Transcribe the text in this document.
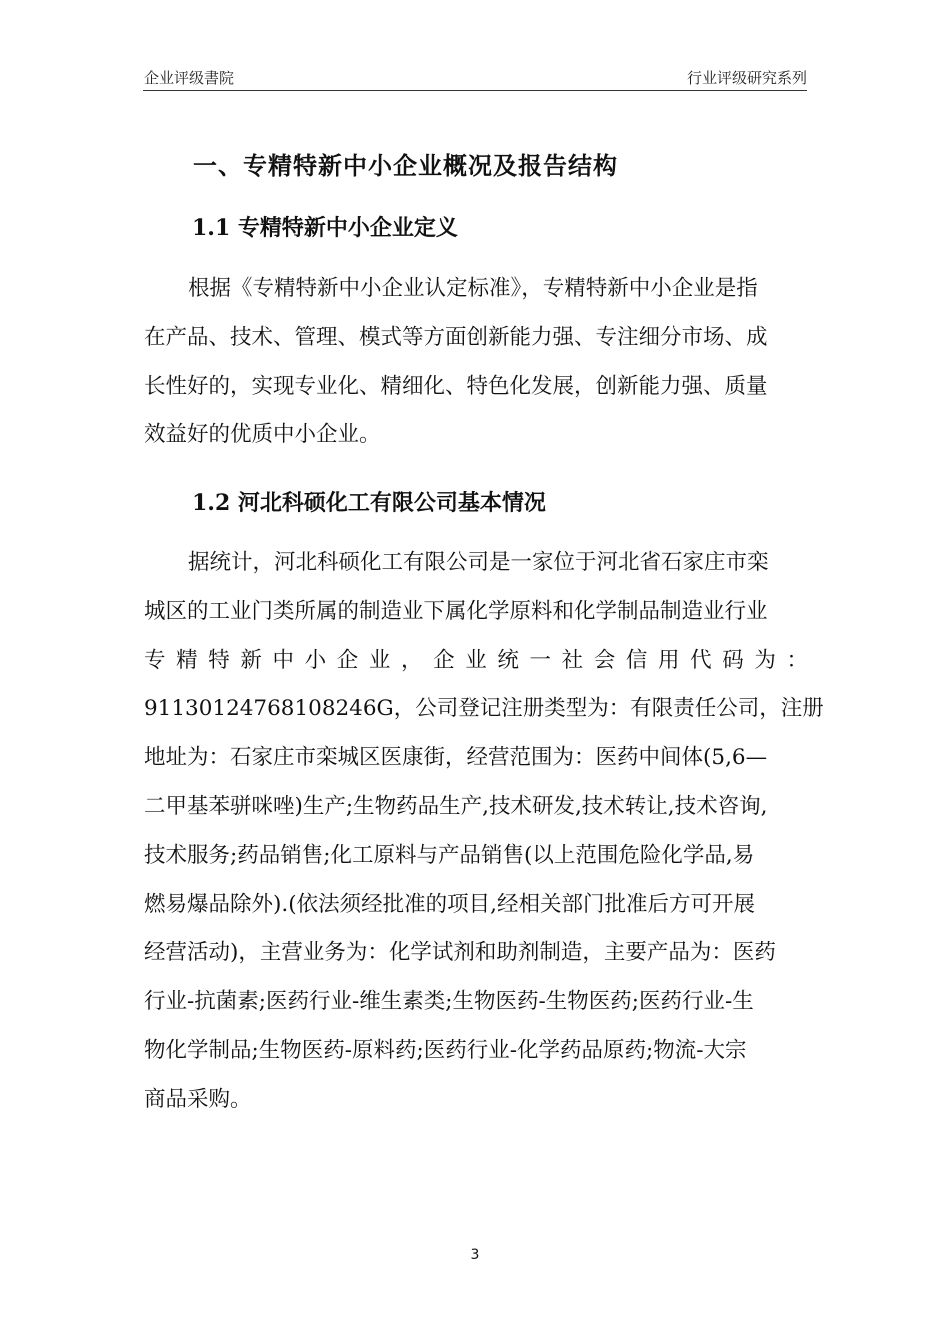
企业评级書院	行业评级研究系列
一、专精特新中小企业概况及报告结构
1.1 专精特新中小企业定义
根据《专精特新中小企业认定标准》，专精特新中小企业是指
在产品、技术、管理、模式等方面创新能力强、专注细分市场、成
长性好的，实现专业化、精细化、特色化发展，创新能力强、质量
效益好的优质中小企业。
1.2 河北科硕化工有限公司基本情况
据统计，河北科硕化工有限公司是一家位于河北省石家庄市栾
城区的工业门类所属的制造业下属化学原料和化学制品制造业行业
专精特新中小企业，企业统一社会信用代码为：
91130124768108246G，公司登记注册类型为：有限责任公司，注册
地址为：石家庄市栾城区医康街，经营范围为：医药中间体(5,6—
二甲基苯骈咪唑)生产;生物药品生产,技术研发,技术转让,技术咨询,
技术服务;药品销售;化工原料与产品销售(以上范围危险化学品,易
燃易爆品除外).(依法须经批准的项目,经相关部门批准后方可开展
经营活动)，主营业务为：化学试剂和助剂制造，主要产品为：医药
行业-抗菌素;医药行业-维生素类;生物医药-生物医药;医药行业-生
物化学制品;生物医药-原料药;医药行业-化学药品原药;物流-大宗
商品采购。
3
